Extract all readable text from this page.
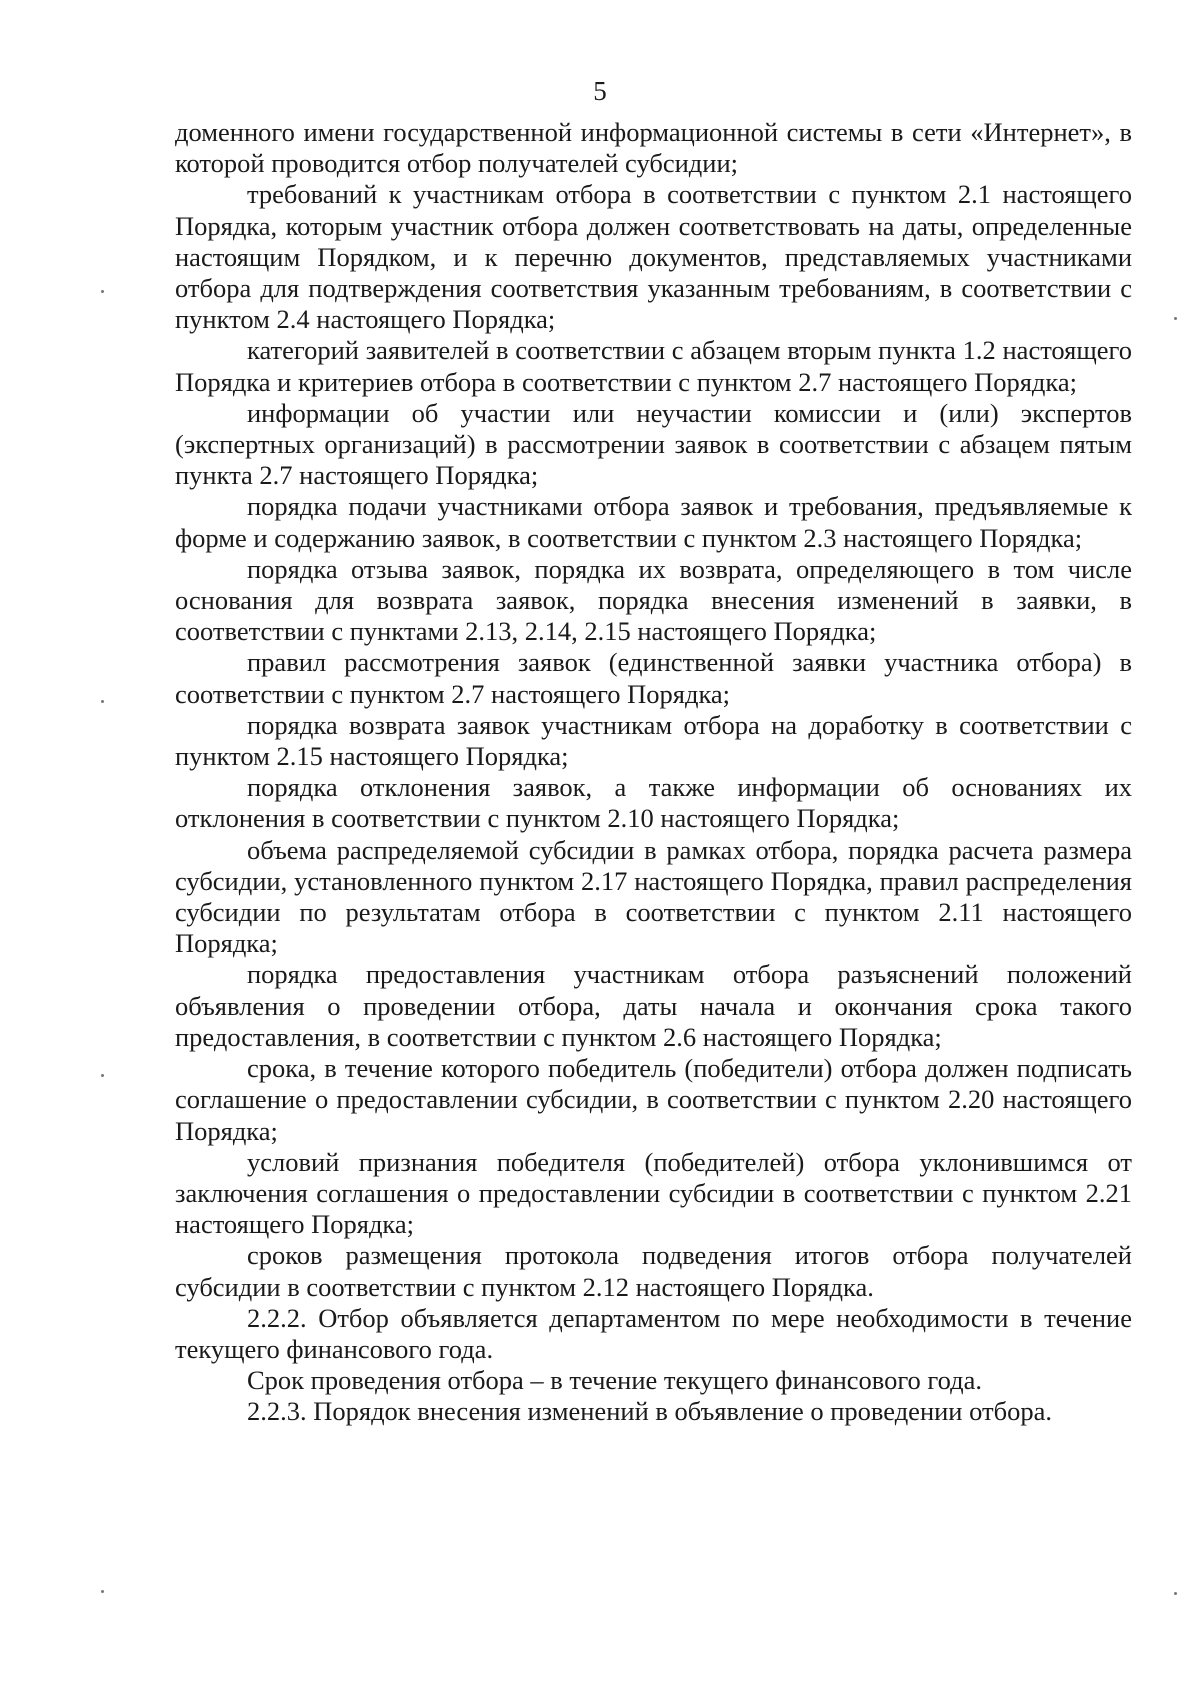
5

доменного имени государственной информационной системы в сети «Интернет», в которой проводится отбор получателей субсидии;

требований к участникам отбора в соответствии с пунктом 2.1 настоящего Порядка, которым участник отбора должен соответствовать на даты, определенные настоящим Порядком, и к перечню документов, представляемых участниками отбора для подтверждения соответствия указанным требованиям, в соответствии с пунктом 2.4 настоящего Порядка;

категорий заявителей в соответствии с абзацем вторым пункта 1.2 настоящего Порядка и критериев отбора в соответствии с пунктом 2.7 настоящего Порядка;

информации об участии или неучастии комиссии и (или) экспертов (экспертных организаций) в рассмотрении заявок в соответствии с абзацем пятым пункта 2.7 настоящего Порядка;

порядка подачи участниками отбора заявок и требования, предъявляемые к форме и содержанию заявок, в соответствии с пунктом 2.3 настоящего Порядка;

порядка отзыва заявок, порядка их возврата, определяющего в том числе основания для возврата заявок, порядка внесения изменений в заявки, в соответствии с пунктами 2.13, 2.14, 2.15 настоящего Порядка;

правил рассмотрения заявок (единственной заявки участника отбора) в соответствии с пунктом 2.7 настоящего Порядка;

порядка возврата заявок участникам отбора на доработку в соответствии с пунктом 2.15 настоящего Порядка;

порядка отклонения заявок, а также информации об основаниях их отклонения в соответствии с пунктом 2.10 настоящего Порядка;

объема распределяемой субсидии в рамках отбора, порядка расчета размера субсидии, установленного пунктом 2.17 настоящего Порядка, правил распределения субсидии по результатам отбора в соответствии с пунктом 2.11 настоящего Порядка;

порядка предоставления участникам отбора разъяснений положений объявления о проведении отбора, даты начала и окончания срока такого предоставления, в соответствии с пунктом 2.6 настоящего Порядка;

срока, в течение которого победитель (победители) отбора должен подписать соглашение о предоставлении субсидии, в соответствии с пунктом 2.20 настоящего Порядка;

условий признания победителя (победителей) отбора уклонившимся от заключения соглашения о предоставлении субсидии в соответствии с пунктом 2.21 настоящего Порядка;

сроков размещения протокола подведения итогов отбора получателей субсидии в соответствии с пунктом 2.12 настоящего Порядка.

2.2.2. Отбор объявляется департаментом по мере необходимости в течение текущего финансового года.

Срок проведения отбора – в течение текущего финансового года.

2.2.3. Порядок внесения изменений в объявление о проведении отбора.
